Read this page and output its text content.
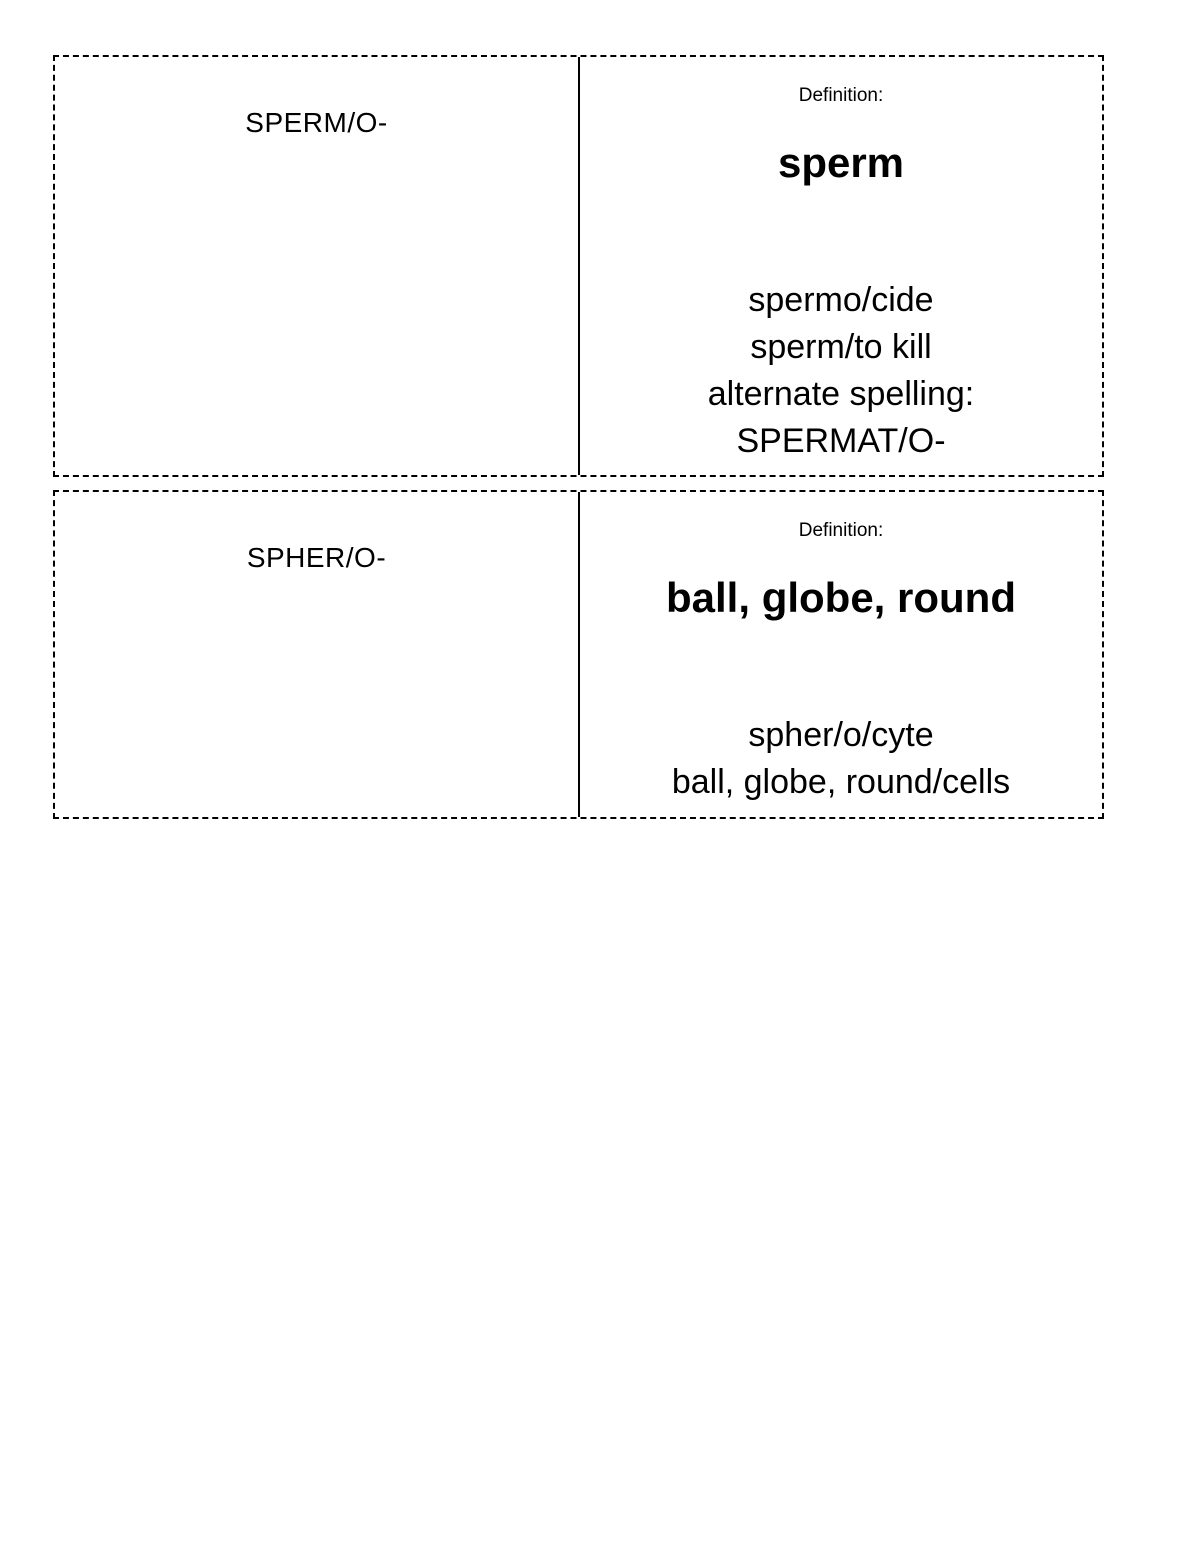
SPERM/O-
Definition:
sperm
spermo/cide
sperm/to kill
alternate spelling:
SPERMAT/O-
SPHER/O-
Definition:
ball, globe, round
spher/o/cyte
ball, globe, round/cells
